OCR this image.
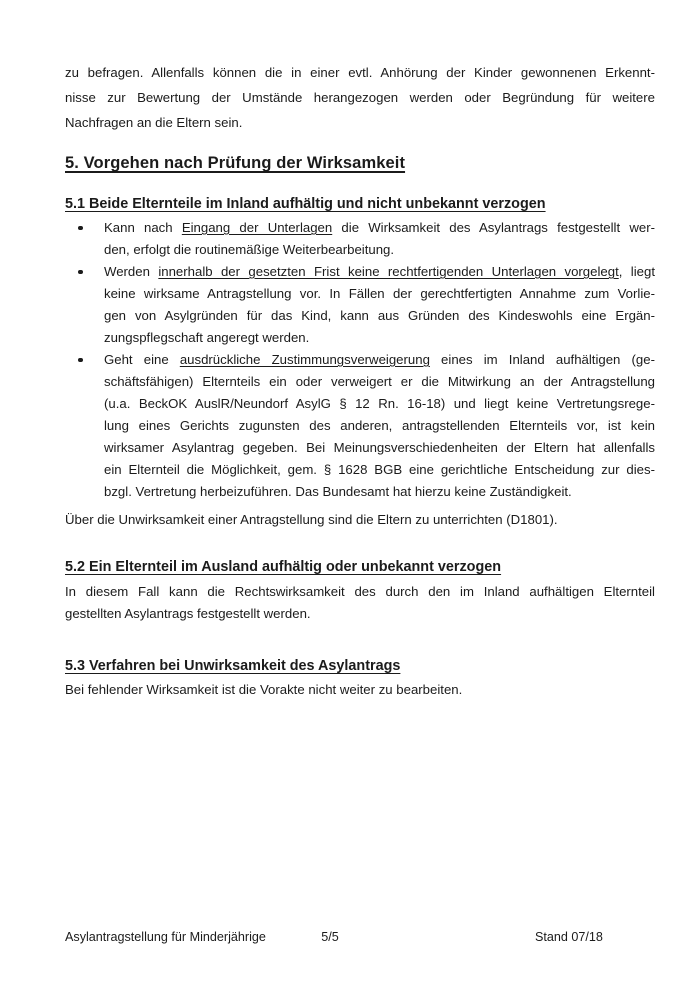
zu befragen. Allenfalls können die in einer evtl. Anhörung der Kinder gewonnenen Erkennt-
nisse zur Bewertung der Umstände herangezogen werden oder Begründung für weitere
Nachfragen an die Eltern sein.
5. Vorgehen nach Prüfung der Wirksamkeit
5.1 Beide Elternteile im Inland aufhältig und nicht unbekannt verzogen
Kann nach Eingang der Unterlagen die Wirksamkeit des Asylantrags festgestellt wer-
den, erfolgt die routinemäßige Weiterbearbeitung.
Werden innerhalb der gesetzten Frist keine rechtfertigenden Unterlagen vorgelegt, liegt
keine wirksame Antragstellung vor. In Fällen der gerechtfertigten Annahme zum Vorlie-
gen von Asylgründen für das Kind, kann aus Gründen des Kindeswohls eine Ergän-
zungspflegschaft angeregt werden.
Geht eine ausdrückliche Zustimmungsverweigerung eines im Inland aufhältigen (ge-
schäftsfähigen) Elternteils ein oder verweigert er die Mitwirkung an der Antragstellung
(u.a. BeckOK AuslR/Neundorf AsylG § 12 Rn. 16-18) und liegt keine Vertretungsrege-
lung eines Gerichts zugunsten des anderen, antragstellenden Elternteils vor, ist kein
wirksamer Asylantrag gegeben. Bei Meinungsverschiedenheiten der Eltern hat allenfalls
ein Elternteil die Möglichkeit, gem. § 1628 BGB eine gerichtliche Entscheidung zur dies-
bzgl. Vertretung herbeizuführen. Das Bundesamt hat hierzu keine Zuständigkeit.
Über die Unwirksamkeit einer Antragstellung sind die Eltern zu unterrichten (D1801).
5.2 Ein Elternteil im Ausland aufhältig oder unbekannt verzogen
In diesem Fall kann die Rechtswirksamkeit des durch den im Inland aufhältigen Elternteil
gestellten Asylantrags festgestellt werden.
5.3 Verfahren bei Unwirksamkeit des Asylantrags
Bei fehlender Wirksamkeit ist die Vorakte nicht weiter zu bearbeiten.
Asylantragstellung für Minderjährige	5/5	Stand 07/18
